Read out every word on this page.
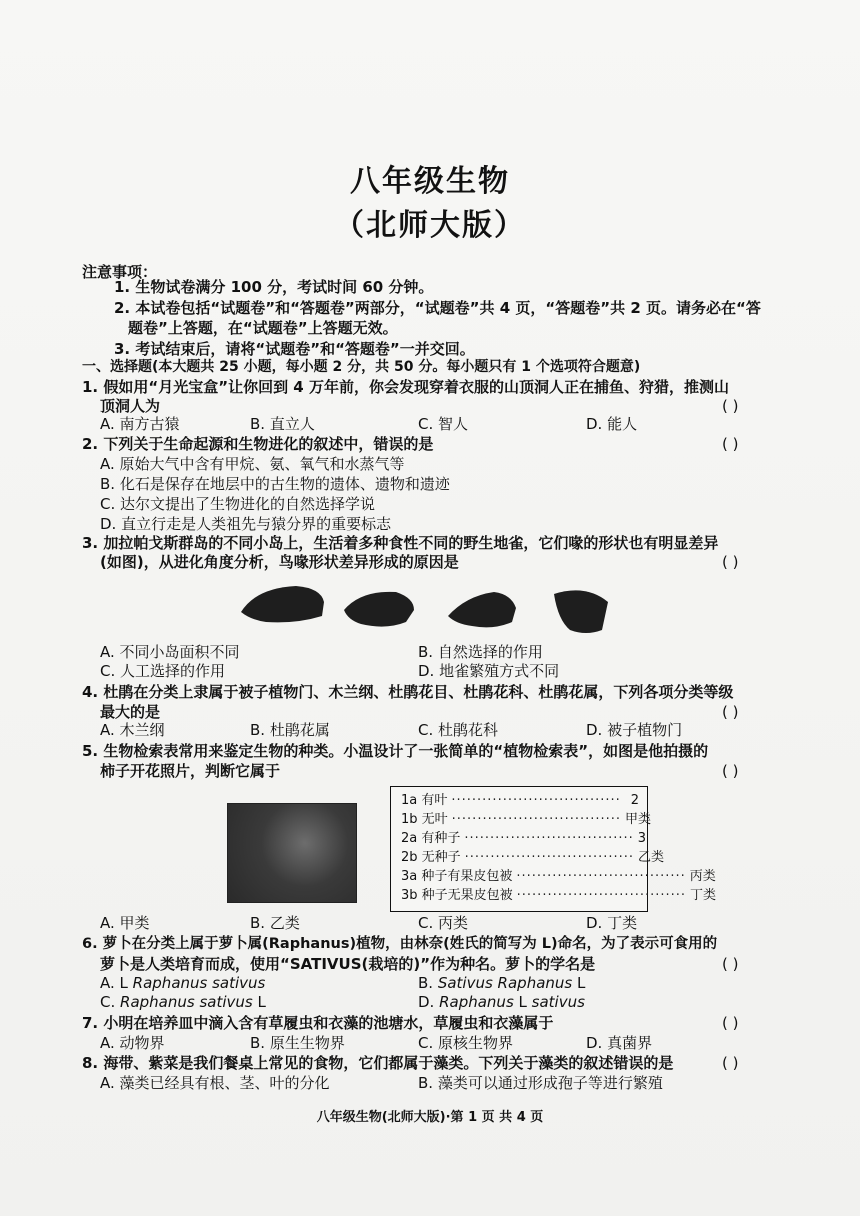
八年级生物
（北师大版）
注意事项：
1. 生物试卷满分 100 分，考试时间 60 分钟。
2. 本试卷包括“试题卷”和“答题卷”两部分，“试题卷”共 4 页，“答题卷”共 2 页。请务必在“答
题卷”上答题，在“试题卷”上答题无效。
3. 考试结束后，请将“试题卷”和“答题卷”一并交回。
一、选择题(本大题共 25 小题，每小题 2 分，共 50 分。每小题只有 1 个选项符合题意)
1. 假如用“月光宝盒”让你回到 4 万年前，你会发现穿着衣服的山顶洞人正在捕鱼、狩猎，推测山
顶洞人为	( )
A. 南方古猿	B. 直立人	C. 智人	D. 能人
2. 下列关于生命起源和生物进化的叙述中，错误的是	( )
A. 原始大气中含有甲烷、氨、氧气和水蒸气等
B. 化石是保存在地层中的古生物的遗体、遗物和遗迹
C. 达尔文提出了生物进化的自然选择学说
D. 直立行走是人类祖先与猿分界的重要标志
3. 加拉帕戈斯群岛的不同小岛上，生活着多种食性不同的野生地雀，它们喙的形状也有明显差异
(如图)，从进化角度分析，鸟喙形状差异形成的原因是	( )
A. 不同小岛面积不同	B. 自然选择的作用
C. 人工选择的作用	D. 地雀繁殖方式不同
4. 杜鹃在分类上隶属于被子植物门、木兰纲、杜鹃花目、杜鹃花科、杜鹃花属，下列各项分类等级
最大的是	( )
A. 木兰纲	B. 杜鹃花属	C. 杜鹃花科	D. 被子植物门
5. 生物检索表常用来鉴定生物的种类。小温设计了一张简单的“植物检索表”，如图是他拍摄的
柿子开花照片，判断它属于	( )
1a 有叶 ································· 2
1b 无叶 ································· 甲类
2a 有种子 ································· 3
2b 无种子 ································· 乙类
3a 种子有果皮包被 ································· 丙类
3b 种子无果皮包被 ································· 丁类
A. 甲类	B. 乙类	C. 丙类	D. 丁类
6. 萝卜在分类上属于萝卜属(Raphanus)植物，由林奈(姓氏的简写为 L)命名，为了表示可食用的
萝卜是人类培育而成，使用“SATIVUS(栽培的)”作为种名。萝卜的学名是	( )
A. L Raphanus sativus	B. Sativus Raphanus L
C. Raphanus sativus L	D. Raphanus L sativus
7. 小明在培养皿中滴入含有草履虫和衣藻的池塘水，草履虫和衣藻属于	( )
A. 动物界	B. 原生生物界	C. 原核生物界	D. 真菌界
8. 海带、紫菜是我们餐桌上常见的食物，它们都属于藻类。下列关于藻类的叙述错误的是	( )
A. 藻类已经具有根、茎、叶的分化	B. 藻类可以通过形成孢子等进行繁殖
八年级生物(北师大版)·第 1 页 共 4 页
